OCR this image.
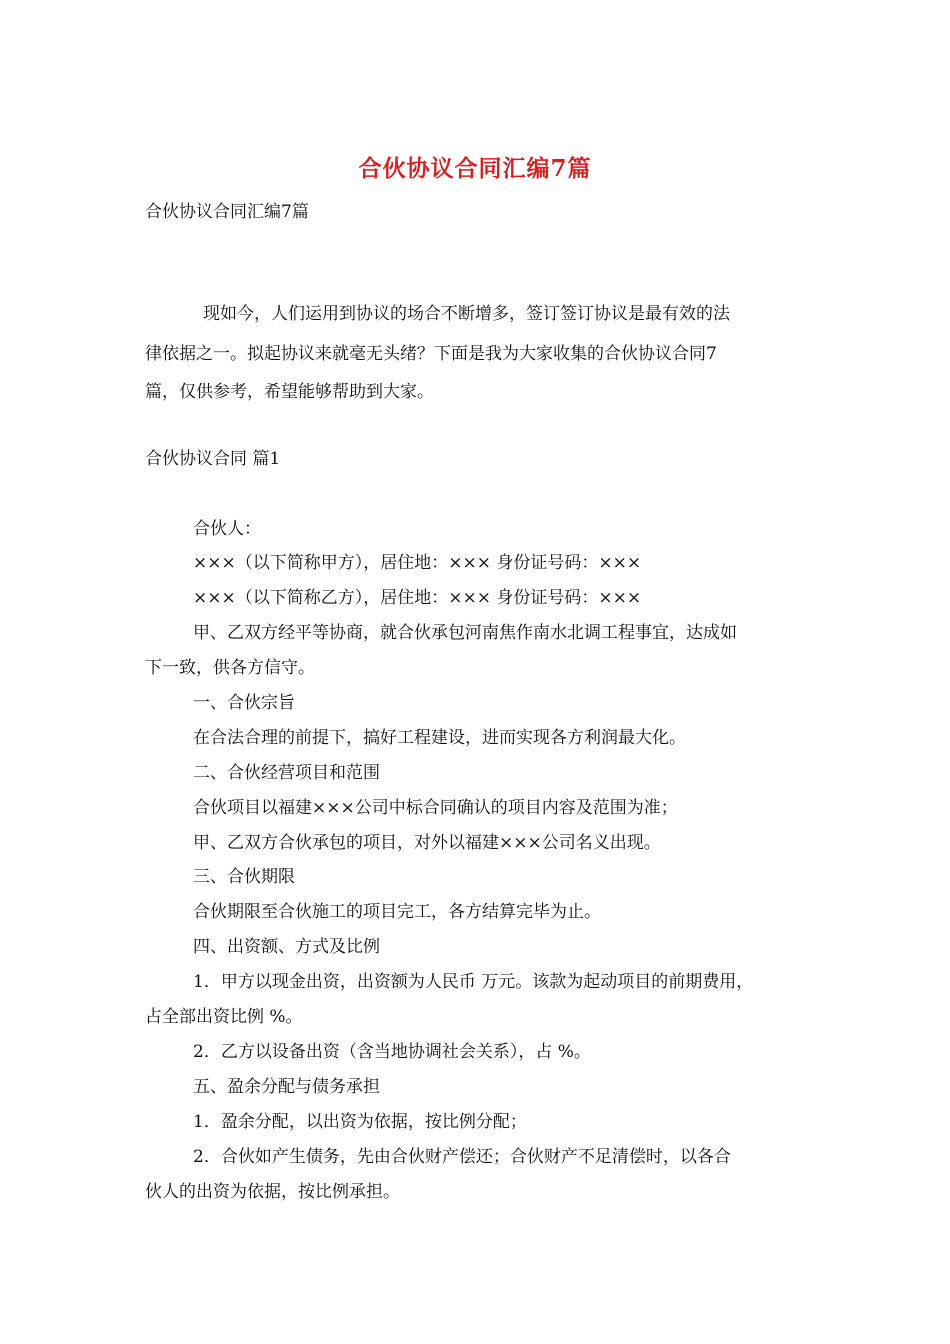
合伙协议合同汇编7篇
合伙协议合同汇编7篇
现如今，人们运用到协议的场合不断增多，签订签订协议是最有效的法
律依据之一。拟起协议来就毫无头绪？下面是我为大家收集的合伙协议合同7
篇，仅供参考，希望能够帮助到大家。
合伙协议合同 篇1
合伙人：
×××（以下简称甲方），居住地：××× 身份证号码：×××
×××（以下简称乙方），居住地：××× 身份证号码：×××
甲、乙双方经平等协商，就合伙承包河南焦作南水北调工程事宜，达成如
下一致，供各方信守。
一、合伙宗旨
在合法合理的前提下，搞好工程建设，进而实现各方利润最大化。
二、合伙经营项目和范围
合伙项目以福建×××公司中标合同确认的项目内容及范围为准；
甲、乙双方合伙承包的项目，对外以福建×××公司名义出现。
三、合伙期限
合伙期限至合伙施工的项目完工，各方结算完毕为止。
四、出资额、方式及比例
1．甲方以现金出资，出资额为人民币 万元。该款为起动项目的前期费用，
占全部出资比例 %。
2．乙方以设备出资（含当地协调社会关系），占 %。
五、盈余分配与债务承担
1．盈余分配，以出资为依据，按比例分配；
2．合伙如产生债务，先由合伙财产偿还；合伙财产不足清偿时，以各合
伙人的出资为依据，按比例承担。
